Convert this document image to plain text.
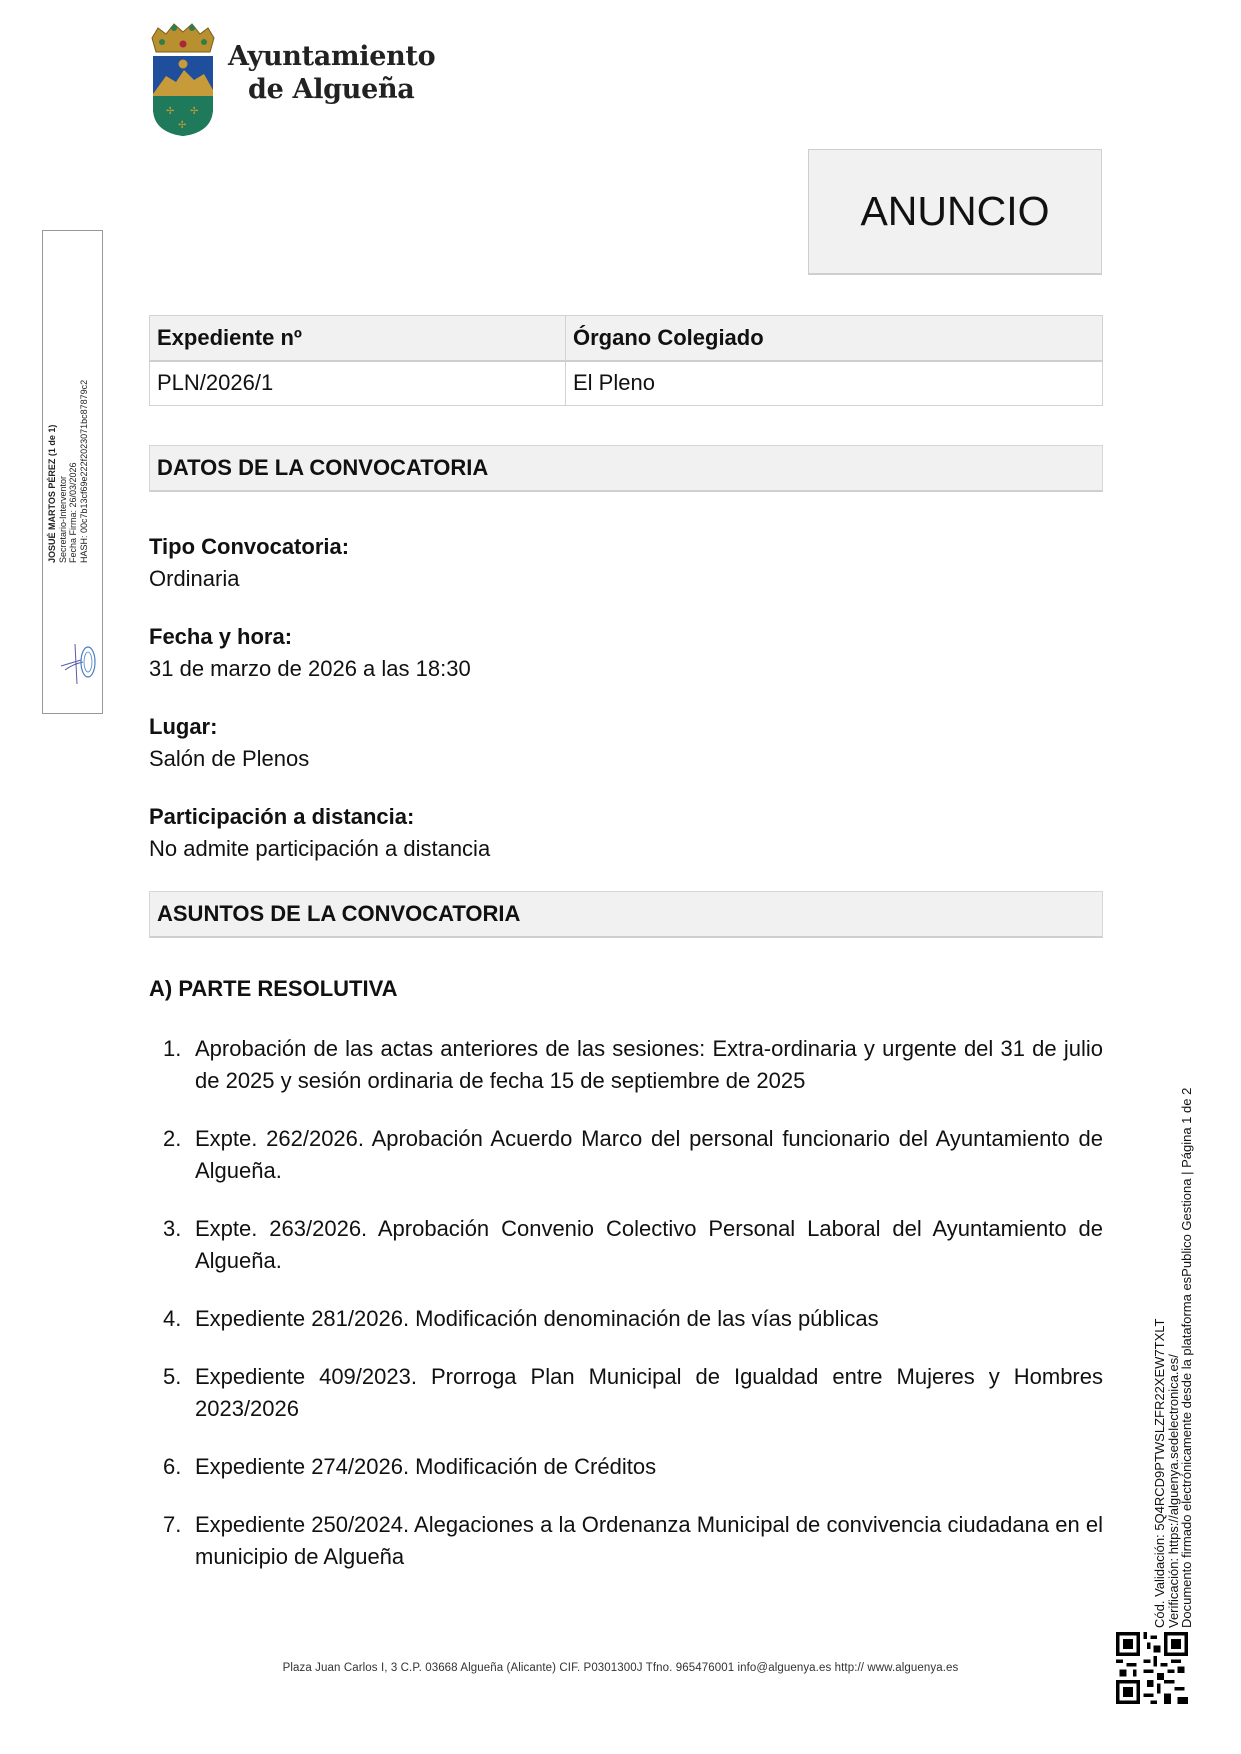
✢ ✢
✢
Ayuntamiento
de Algueña
ANUNCIO
Expediente nº	Órgano Colegiado
PLN/2026/1	El Pleno
DATOS DE LA CONVOCATORIA
Tipo Convocatoria:
Ordinaria
Fecha y hora:
31 de marzo de 2026 a las 18:30
Lugar:
Salón de Plenos
Participación a distancia:
No admite participación a distancia
ASUNTOS DE LA CONVOCATORIA
A) PARTE RESOLUTIVA
1. Aprobación de las actas anteriores de las sesiones: Extra-ordinaria y urgente del 31 de julio de 2025 y sesión ordinaria de fecha 15 de septiembre de 2025
2. Expte. 262/2026. Aprobación Acuerdo Marco del personal funcionario del Ayuntamiento de Algueña.
3. Expte. 263/2026. Aprobación Convenio Colectivo Personal Laboral del Ayuntamiento de Algueña.
4. Expediente 281/2026. Modificación denominación de las vías públicas
5. Expediente 409/2023. Prorroga Plan Municipal de Igualdad entre Mujeres y Hombres 2023/2026
6. Expediente 274/2026. Modificación de Créditos
7. Expediente 250/2024. Alegaciones a la Ordenanza Municipal de convivencia ciudadana en el municipio de Algueña
JOSUÉ MARTOS PÉREZ (1 de 1) Secretario-Interventor Fecha Firma: 26/03/2026 HASH: 00c7b13cf69e222f2023071bc87879c2
Cód. Validación: 5Q4RCD9PTWSLZFR22XEW7TXLT
Verificación: https://alguenya.sedelectronica.es/
Documento firmado electrónicamente desde la plataforma esPublico Gestiona | Página 1 de 2
Plaza Juan Carlos I, 3 C.P. 03668 Algueña (Alicante) CIF. P0301300J Tfno. 965476001 info@alguenya.es http:// www.alguenya.es
